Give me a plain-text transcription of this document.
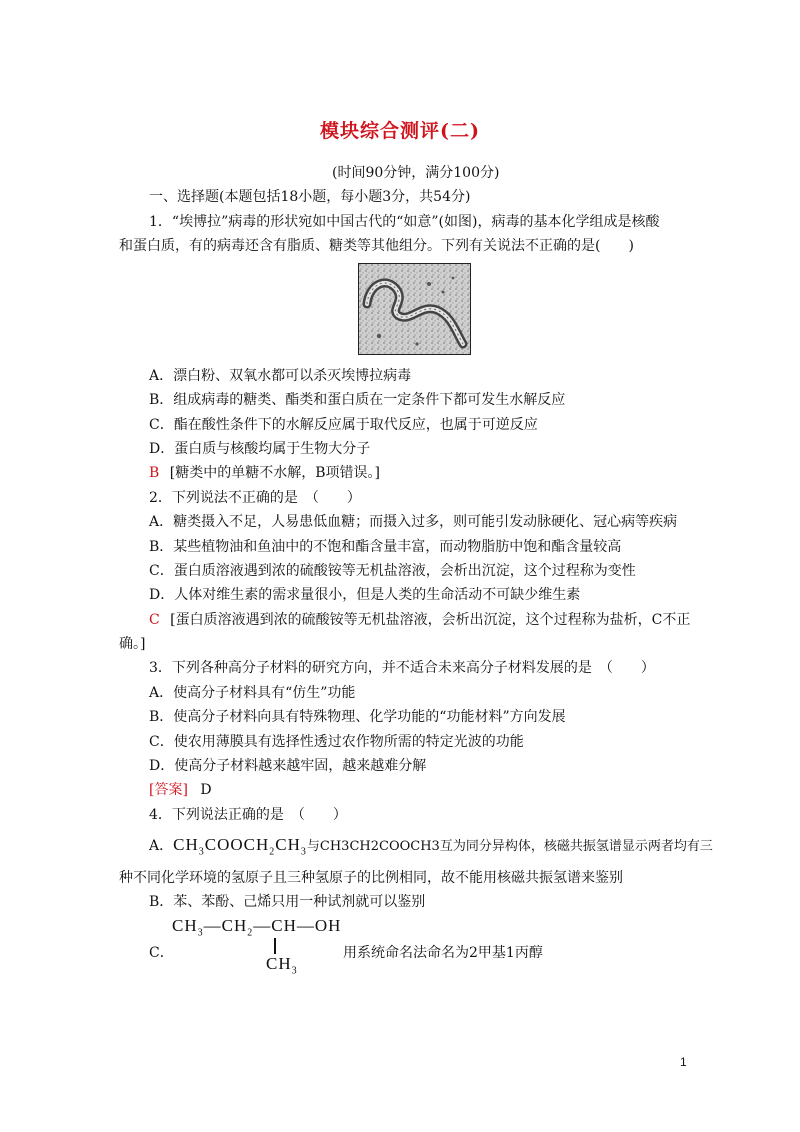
模块综合测评(二)
(时间90分钟，满分100分)
一、选择题(本题包括18小题，每小题3分，共54分)
1．“埃博拉”病毒的形状宛如中国古代的“如意”(如图)，病毒的基本化学组成是核酸
和蛋白质，有的病毒还含有脂质、糖类等其他组分。下列有关说法不正确的是(　　)
A．漂白粉、双氧水都可以杀灭埃博拉病毒
B．组成病毒的糖类、酯类和蛋白质在一定条件下都可发生水解反应
C．酯在酸性条件下的水解反应属于取代反应，也属于可逆反应
D．蛋白质与核酸均属于生物大分子
B [糖类中的单糖不水解，B项错误。]
2．下列说法不正确的是　（　　）
A．糖类摄入不足，人易患低血糖；而摄入过多，则可能引发动脉硬化、冠心病等疾病
B．某些植物油和鱼油中的不饱和酯含量丰富，而动物脂肪中饱和酯含量较高
C．蛋白质溶液遇到浓的硫酸铵等无机盐溶液，会析出沉淀，这个过程称为变性
D．人体对维生素的需求量很小，但是人类的生命活动不可缺少维生素
C [蛋白质溶液遇到浓的硫酸铵等无机盐溶液，会析出沉淀，这个过程称为盐析，C不正
确。]
3．下列各种高分子材料的研究方向，并不适合未来高分子材料发展的是　（　　）
A．使高分子材料具有“仿生”功能
B．使高分子材料向具有特殊物理、化学功能的“功能材料”方向发展
C．使农用薄膜具有选择性透过农作物所需的特定光波的功能
D．使高分子材料越来越牢固，越来越难分解
[答案] D
4．下列说法正确的是　（　　）
A．$CH_3COOCH_2CH_3$与CH3CH2COOCH3互为同分异构体，核磁共振氢谱显示两者均有三
种不同化学环境的氢原子且三种氢原子的比例相同，故不能用核磁共振氢谱来鉴别
B．苯、苯酚、己烯只用一种试剂就可以鉴别
C．
$CH_3—CH_2—CH—OH$
$CH_3$
用系统命名法命名为2甲基1丙醇
1
